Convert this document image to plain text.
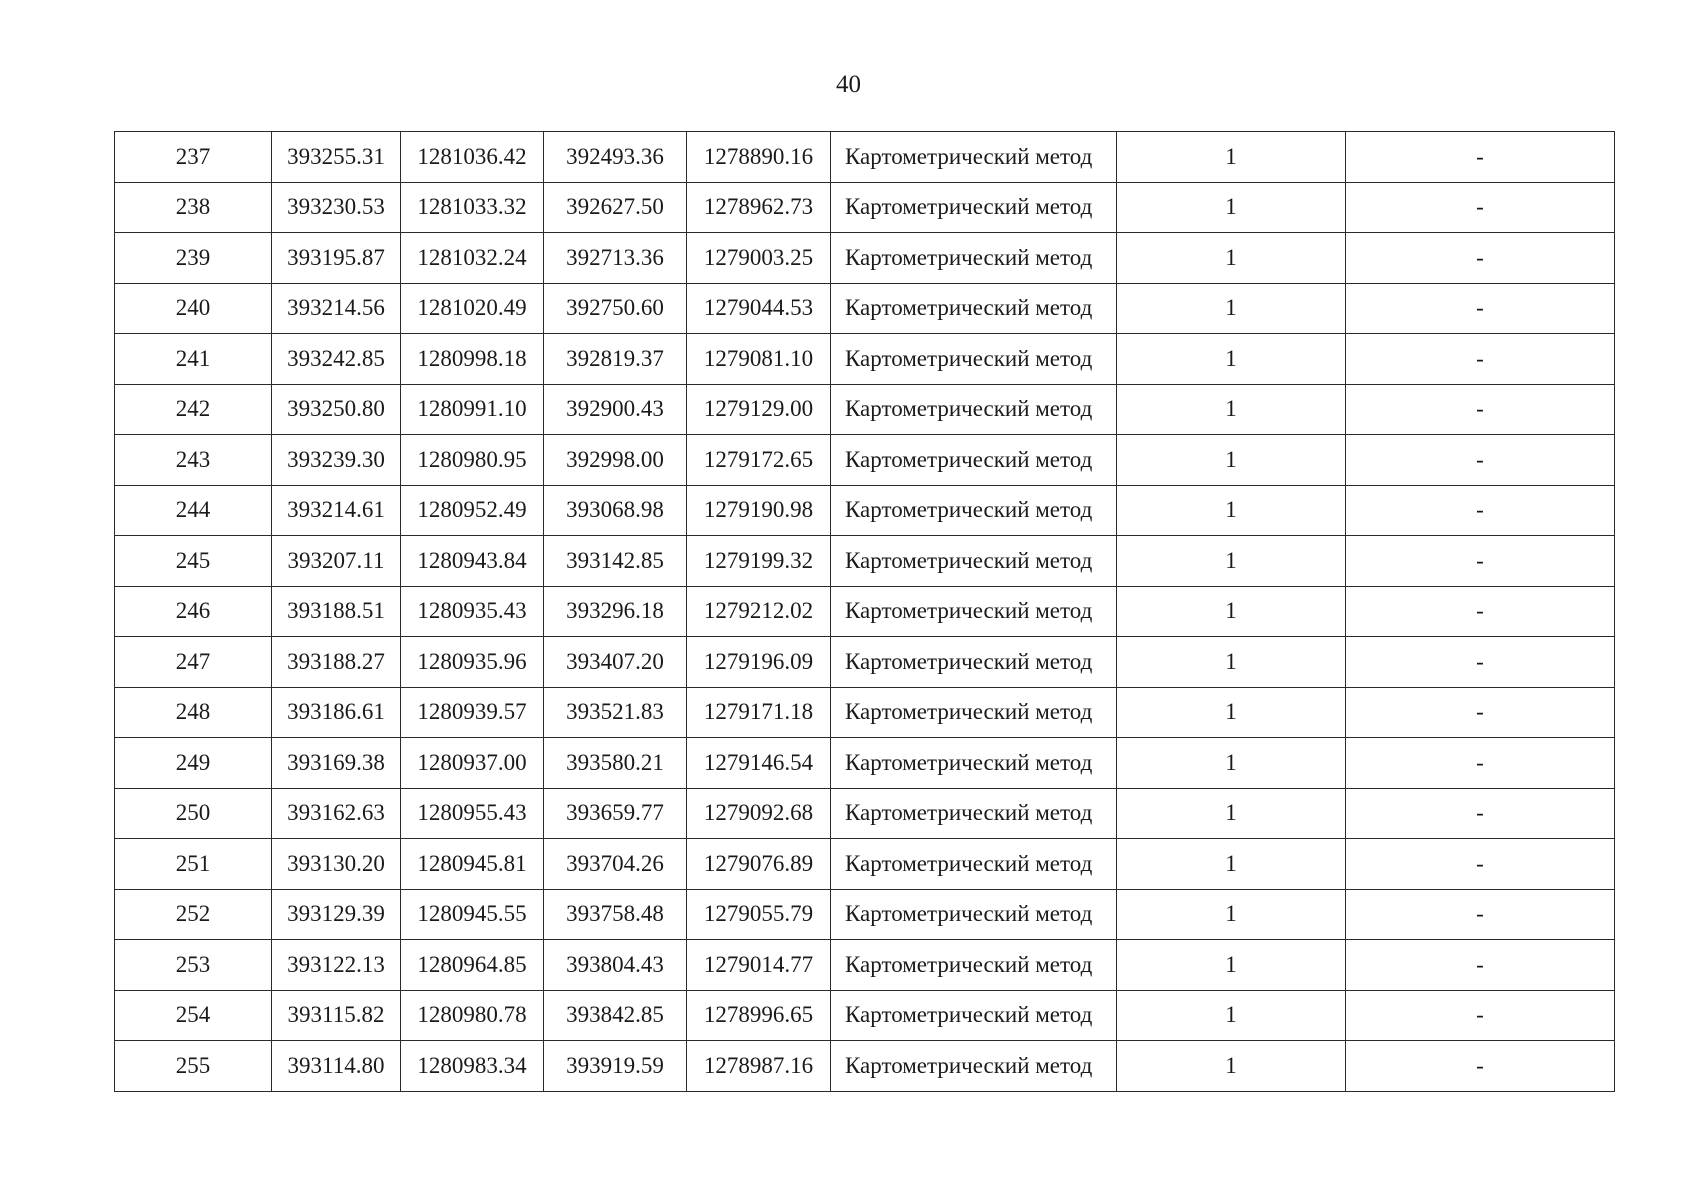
40
237	393255.31	1281036.42	392493.36	1278890.16	Картометрический метод	1	-
238	393230.53	1281033.32	392627.50	1278962.73	Картометрический метод	1	-
239	393195.87	1281032.24	392713.36	1279003.25	Картометрический метод	1	-
240	393214.56	1281020.49	392750.60	1279044.53	Картометрический метод	1	-
241	393242.85	1280998.18	392819.37	1279081.10	Картометрический метод	1	-
242	393250.80	1280991.10	392900.43	1279129.00	Картометрический метод	1	-
243	393239.30	1280980.95	392998.00	1279172.65	Картометрический метод	1	-
244	393214.61	1280952.49	393068.98	1279190.98	Картометрический метод	1	-
245	393207.11	1280943.84	393142.85	1279199.32	Картометрический метод	1	-
246	393188.51	1280935.43	393296.18	1279212.02	Картометрический метод	1	-
247	393188.27	1280935.96	393407.20	1279196.09	Картометрический метод	1	-
248	393186.61	1280939.57	393521.83	1279171.18	Картометрический метод	1	-
249	393169.38	1280937.00	393580.21	1279146.54	Картометрический метод	1	-
250	393162.63	1280955.43	393659.77	1279092.68	Картометрический метод	1	-
251	393130.20	1280945.81	393704.26	1279076.89	Картометрический метод	1	-
252	393129.39	1280945.55	393758.48	1279055.79	Картометрический метод	1	-
253	393122.13	1280964.85	393804.43	1279014.77	Картометрический метод	1	-
254	393115.82	1280980.78	393842.85	1278996.65	Картометрический метод	1	-
255	393114.80	1280983.34	393919.59	1278987.16	Картометрический метод	1	-
